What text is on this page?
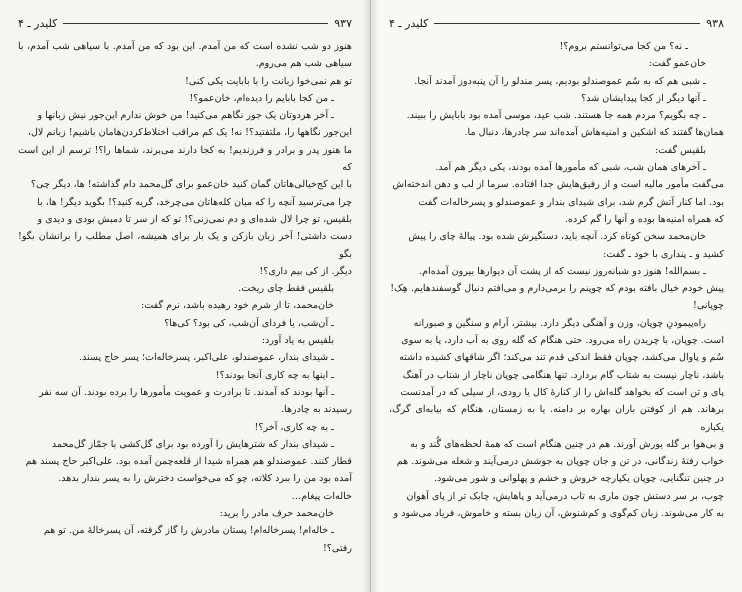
۹۳۸
کلیدر ـ ۴

ـ نه؟ من کجا می‌توانستم بروم؟!

خان‌عمو گفت:

ـ شبی هم که به سُم عموصندلو بودیم، پسر مندلو را آن پنبه‌دوز آمدند آنجا.

ـ آنها دیگر از کجا پیدایشان شد؟

ـ چه بگویم؟ مردم همه جا هستند. شب عید، موسی آمده بود بابایش را ببیند.

همان‌ها گفتند که اشکین و امنیه‌هاش آمده‌اند سر چادرها، دنبال ما.

بلقیس گفت:

ـ آخرهای همان شب، شبی که مأمورها آمده بودند، یکی دیگر هم آمد.

می‌گفت مأمور مالیه است و از رفیق‌هایش جدا افتاده. سرما از لب و دهن اندخته‌اش

بود. اما کنار آتش گرم شد، برای شیدای بندار و عموصندلو و پسرخاله‌ات گفت

که همراه امنیه‌ها بوده و آنها را گم کرده.

خان‌محمد سخن کوتاه کرد. آنچه باید، دستگیرش شده بود. پیاله‌ٔ چای را پیش

کشید و ـ پنداری با خود ـ گفت:

ـ بسم‌الله! هنوز دو شبانه‌روز نیست که از پشت آن دیوارها بیرون آمده‌ام.

پیش خودم خیال بافته بودم که چوپنم را برمی‌دارم و می‌افتم دنبال گوسفندهایم. هِک!

چوپانی!

راه‌پیمودنِ چوپان، وزن و آهنگی دیگر دارد. بیشتر، آرام و سنگین و صبورانه

است. چوپان، با چریدن راه می‌رود. حتی هنگام که گله روی به آب دارد، پا به سوی

سُم و پاوال می‌کشد، چوپان فقط اندکی قدم تند می‌کند؛ اگر شاقهای کشیده داشته

باشد، ناچار نیست به شتاب گام بردارد. تنها هنگامی چوپان ناچار از شتاب در آهنگ

پای و تن است که بخواهد گله‌اش را از کنارهٔ کال یا رودی، از سیلی که در آمدنست

برهاند. هم از کوفتن باران بهاره بر دامنه. یا به زمستان، هنگام که بیابه‌ای گرگ، یکباره

و بی‌هوا بر گله یورش آورند. هم در چنین هنگام است که همهٔ لحظه‌های گُند و به

خواب رفتهٔ زندگانی، در تن و جان چوپان به جوشش درمی‌آیند و شعله می‌شوند. هم

در چنین تنگنایی، چوپان یکپارچه خروش و خشم و پهلوانی و شور می‌شود.

چوب، بر سر دستش چون ماری به تاب درمی‌آید و پاهایش، چابک تر از پای آهوان

به کار می‌شوند. زبان کم‌گوی و کم‌شنوش، آن زبان بسته و خاموش، فریاد می‌شود و

۹۳۷
کلیدر ـ ۴

هنوز دو شب نشده است که من آمدم. این بود که من آمدم. با سیاهی شب آمدم، با سیاهی شب هم می‌روم.

تو هم نمی‌خوا زبانت را با بابایت یکی کنی!

ـ من کجا بابایم را دیده‌ام، خان‌عمو؟!

ـ آخر هردوتان یک جور نگاهم می‌کنید! من خوش ندارم این‌جور نیش زبانها و

این‌جور نگاهها را، ملتفتید؟! نه! یک کم مراقب اختلاط‌کردن‌هامان باشیم! زبانم لال،

ما هنوز پدر و برادر و فرزندیم! به کجا دارند می‌برند، شماها را؟! ترسم از این است که

با این کج‌خیالی‌هاتان گمان کنید خان‌عمو برای گل‌محمد دام گذاشته! ها، دیگر چی؟

چرا می‌ترسید آنچه را که میان کله‌هاتان می‌چرخد، گریه کنید؟! بگوید دیگر! ها، با

بلقیس، تو چرا لال شده‌ای و دم نمی‌زنی؟! تو که از سر تا دمبش بودی و دیدی و

دست داشتی! آخر زبان بازکن و یک بار برای همیشه، اصل مطلب را برانشان بگو! بگو

دیگر. از کی بیم داری؟!

بلقیس فقط چای ریخت.

خان‌محمد، تا از شرم خود رهیده باشد، نرم گفت:

ـ آن‌شب، یا فردای آن‌شب، کی بود؟ کی‌ها؟

بلقیس به یاد آورد:

ـ شیدای بندار، عموصندلو، علی‌اکبر، پسرخاله‌ات؛ پسر حاج پسند.

ـ اینها به چه کاری آنجا بودند؟!

ـ آنها بودند که آمدند. تا برادرت و عمویت مأمورها را برده بودند. آن سه نفر

رسیدند به چادرها.

ـ به چه کاری، آخر؟!

ـ شیدای بندار که شترهایش را آورده بود برای گل‌کشی با جمّاز گل‌محمد

قطار کنند. عموصندلو هم همراه شیدا از قلعه‌چمن آمده بود. علی‌اکبر حاج پسند هم

آمده بود من را ببرد کلاته، چو که می‌خواست دخترش را به پسر بندار بدهد.

خاله‌ات پیغام…

خان‌محمد حرف مادر را برید:

ـ خاله‌ام! پسرخاله‌ام! پستان مادرش را گاز گرفته، آن پسرخالهٔ من. تو هم

رفتی؟!
